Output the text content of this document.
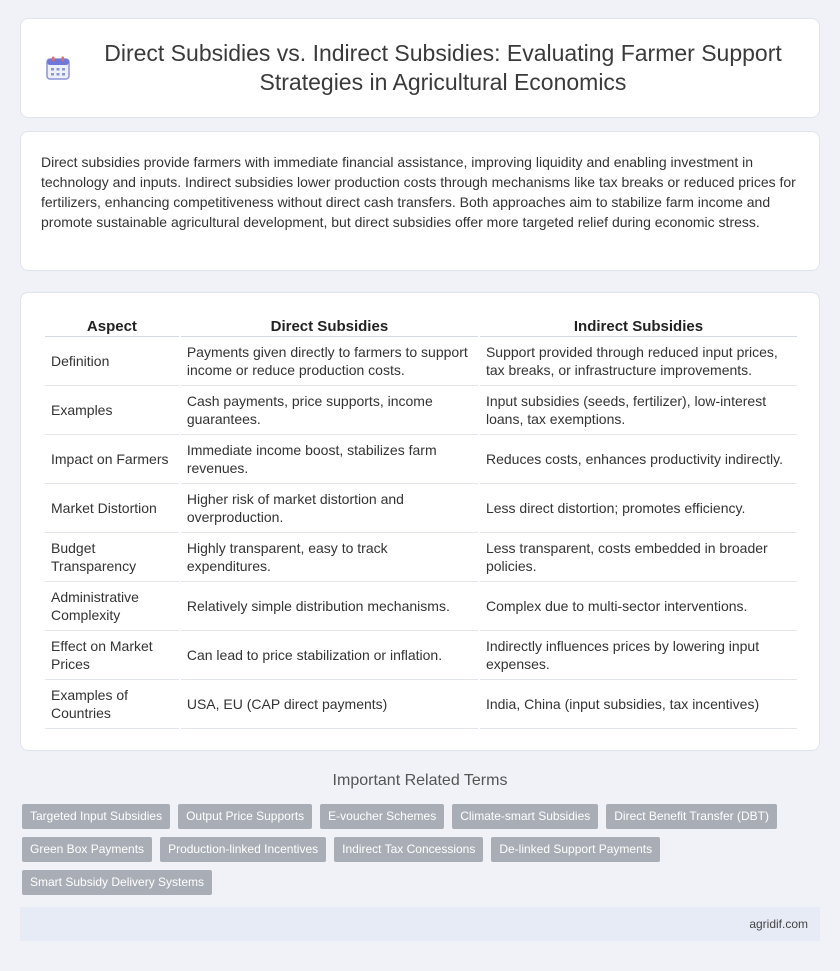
Direct Subsidies vs. Indirect Subsidies: Evaluating Farmer Support Strategies in Agricultural Economics

Direct subsidies provide farmers with immediate financial assistance, improving liquidity and enabling investment in technology and inputs. Indirect subsidies lower production costs through mechanisms like tax breaks or reduced prices for fertilizers, enhancing competitiveness without direct cash transfers. Both approaches aim to stabilize farm income and promote sustainable agricultural development, but direct subsidies offer more targeted relief during economic stress.

Aspect	Direct Subsidies	Indirect Subsidies
Definition	Payments given directly to farmers to support income or reduce production costs.	Support provided through reduced input prices, tax breaks, or infrastructure improvements.
Examples	Cash payments, price supports, income guarantees.	Input subsidies (seeds, fertilizer), low-interest loans, tax exemptions.
Impact on Farmers	Immediate income boost, stabilizes farm revenues.	Reduces costs, enhances productivity indirectly.
Market Distortion	Higher risk of market distortion and overproduction.	Less direct distortion; promotes efficiency.
Budget Transparency	Highly transparent, easy to track expenditures.	Less transparent, costs embedded in broader policies.
Administrative Complexity	Relatively simple distribution mechanisms.	Complex due to multi-sector interventions.
Effect on Market Prices	Can lead to price stabilization or inflation.	Indirectly influences prices by lowering input expenses.
Examples of Countries	USA, EU (CAP direct payments)	India, China (input subsidies, tax incentives)
Important Related Terms
Targeted Input Subsidies	Output Price Supports	E-voucher Schemes	Climate-smart Subsidies	Direct Benefit Transfer (DBT)
Green Box Payments	Production-linked Incentives	Indirect Tax Concessions	De-linked Support Payments
Smart Subsidy Delivery Systems
agridif.com
